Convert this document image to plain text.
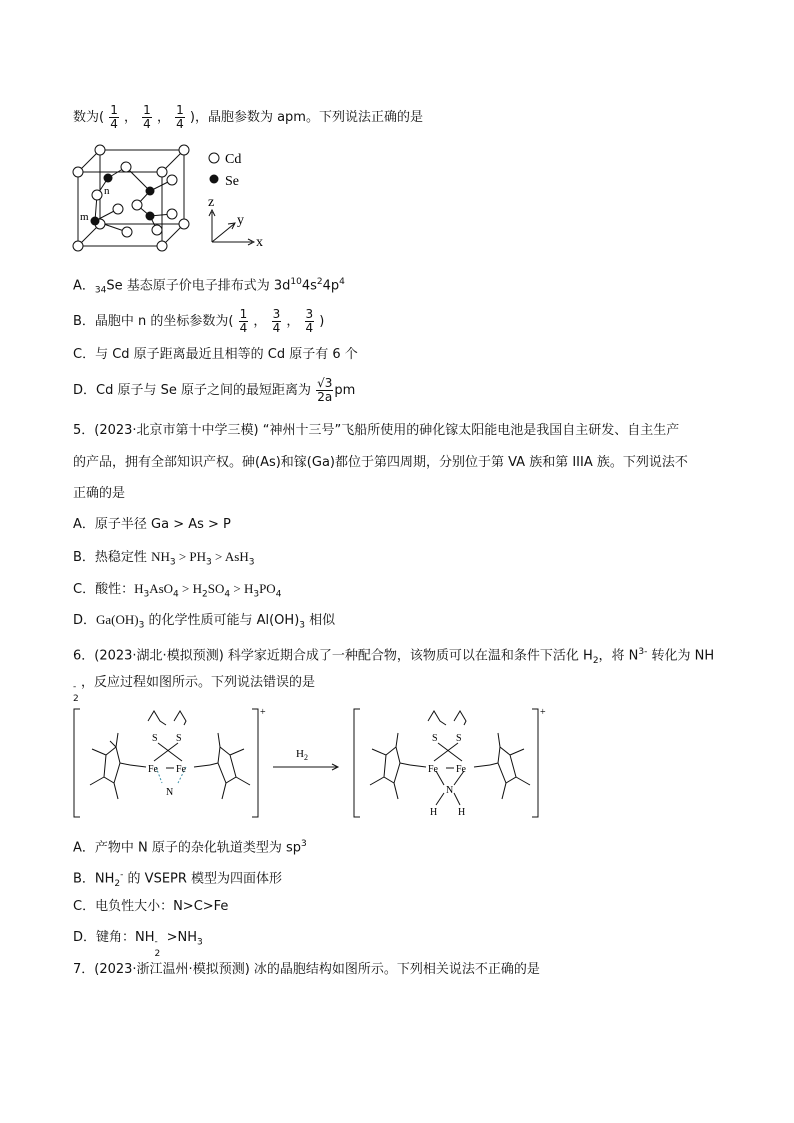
数为( $\frac{1}{4}$ ， $\frac{1}{4}$ ， $\frac{1}{4}$ )，晶胞参数为 apm。下列说法正确的是
n
m
Cd
Se
z
y
x
A．$_{34}$Se 基态原子价电子排布式为 $3d^{10}4s^24p^4$
B．晶胞中 n 的坐标参数为( $\frac{1}{4}$ ， $\frac{3}{4}$ ， $\frac{3}{4}$ )
C．与 Cd 原子距离最近且相等的 Cd 原子有 6 个
D．Cd 原子与 Se 原子之间的最短距离为 $\frac{√3}{2a}$ pm
5．(2023·北京市第十中学三模) “神州十三号”飞船所使用的砷化镓太阳能电池是我国自主研发、自主生产
的产品，拥有全部知识产权。砷(As)和镓(Ga)都位于第四周期，分别位于第 VA 族和第 IIIA 族。下列说法不
正确的是
A．原子半径 Ga > As > P
B．热稳定性 $NH_3 > PH_3 > AsH_3$
C．酸性：$H_3AsO_4 > H_2SO_4 > H_3PO_4$
D．$Ga(OH)_3$ 的化学性质可能与 $Al(OH)_3$ 相似
6．(2023·湖北·模拟预测) 科学家近期合成了一种配合物，该物质可以在温和条件下活化 $H_2$，将 $N^{3-}$ 转化为 NH
-
2
，反应过程如图所示。下列说法错误的是
+	+
$H_2$
S S
Fe Fe
N
S S
Fe Fe
N
H H
A．产物中 N 原子的杂化轨道类型为 $sp^3$
B．$NH_2^-$ 的 VSEPR 模型为四面体形
C．电负性大小：N>C>Fe
D．键角：NH -
2
$>NH_3$
7．(2023·浙江温州·模拟预测) 冰的晶胞结构如图所示。下列相关说法不正确的是
